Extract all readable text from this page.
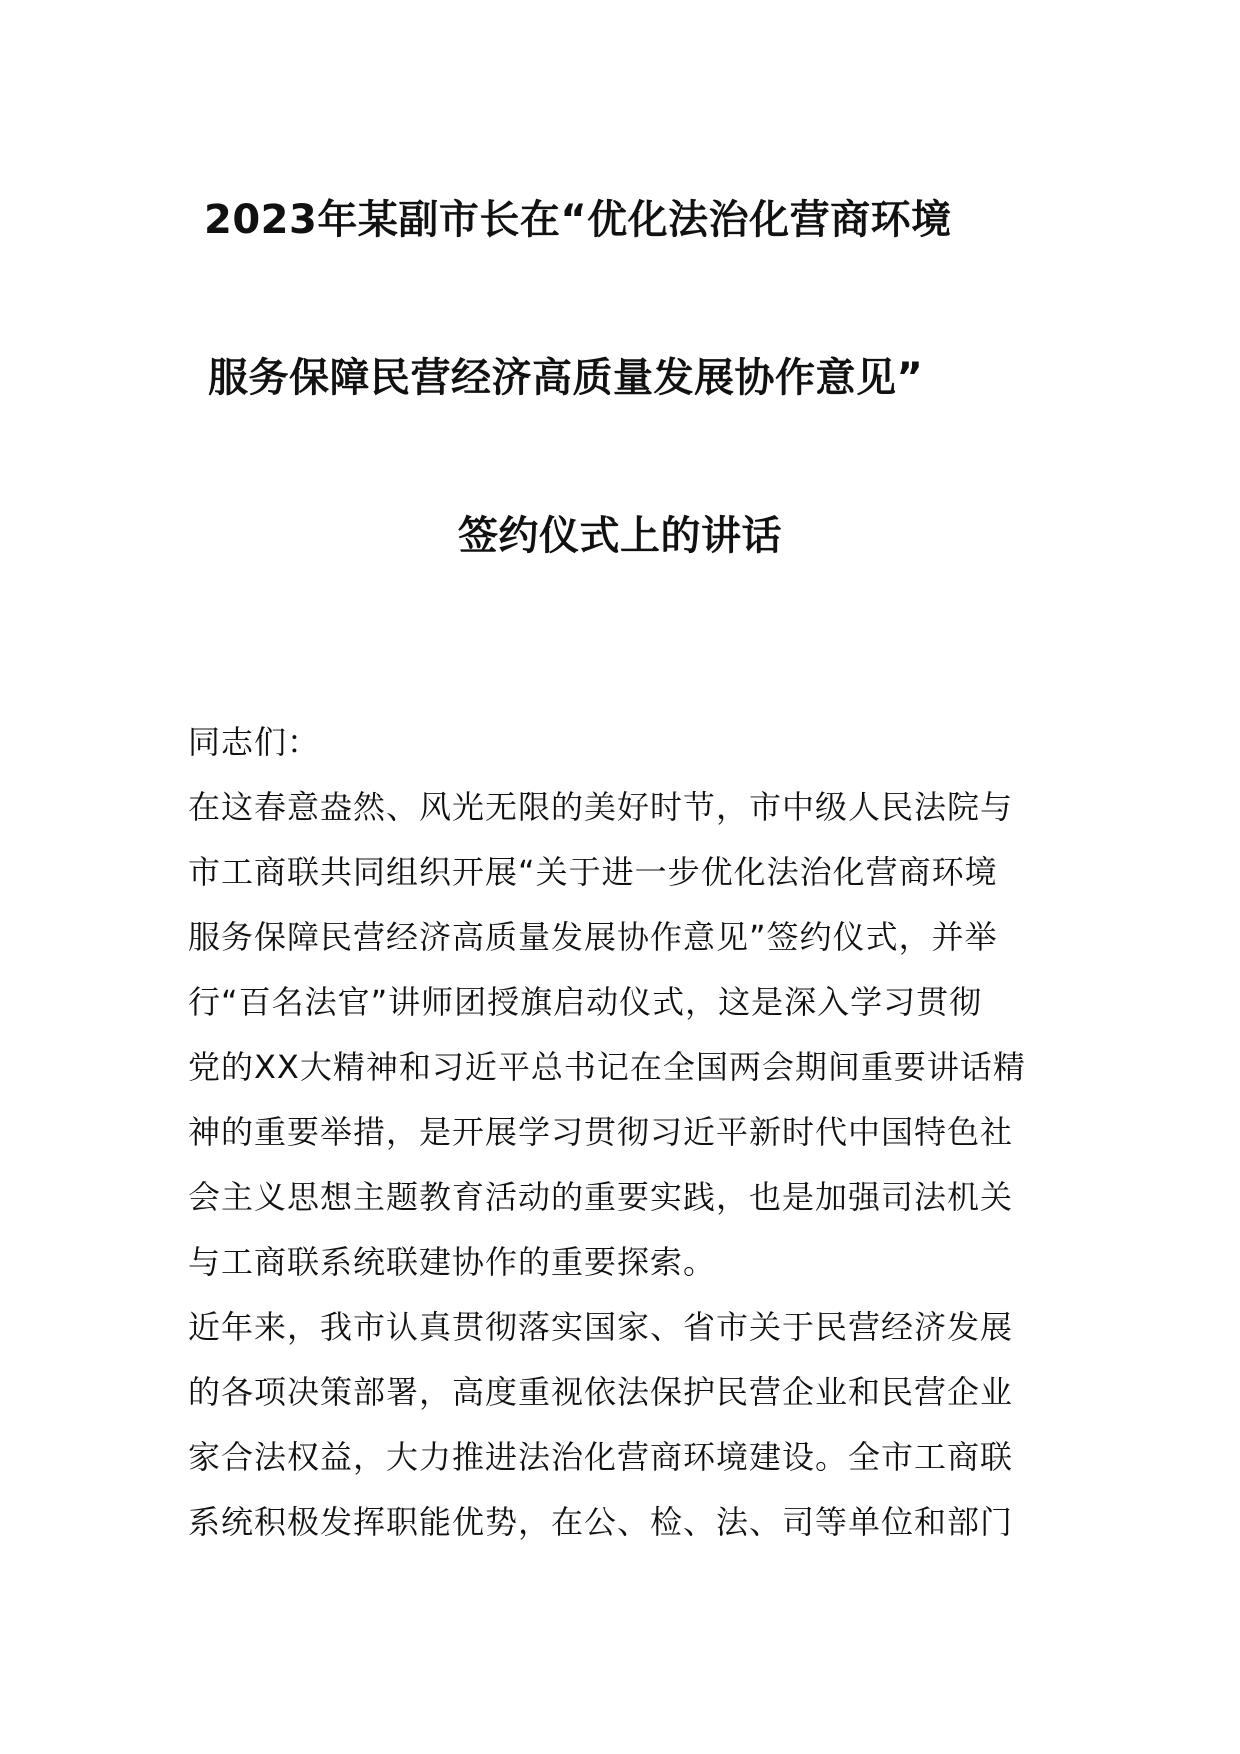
2023年某副市长在“优化法治化营商环境
服务保障民营经济高质量发展协作意见”
签约仪式上的讲话
同志们：
在这春意盎然、风光无限的美好时节，市中级人民法院与
市工商联共同组织开展“关于进一步优化法治化营商环境
服务保障民营经济高质量发展协作意见”签约仪式，并举
行“百名法官”讲师团授旗启动仪式，这是深入学习贯彻
党的XX大精神和习近平总书记在全国两会期间重要讲话精
神的重要举措，是开展学习贯彻习近平新时代中国特色社
会主义思想主题教育活动的重要实践，也是加强司法机关
与工商联系统联建协作的重要探索。
近年来，我市认真贯彻落实国家、省市关于民营经济发展
的各项决策部署，高度重视依法保护民营企业和民营企业
家合法权益，大力推进法治化营商环境建设。全市工商联
系统积极发挥职能优势，在公、检、法、司等单位和部门
